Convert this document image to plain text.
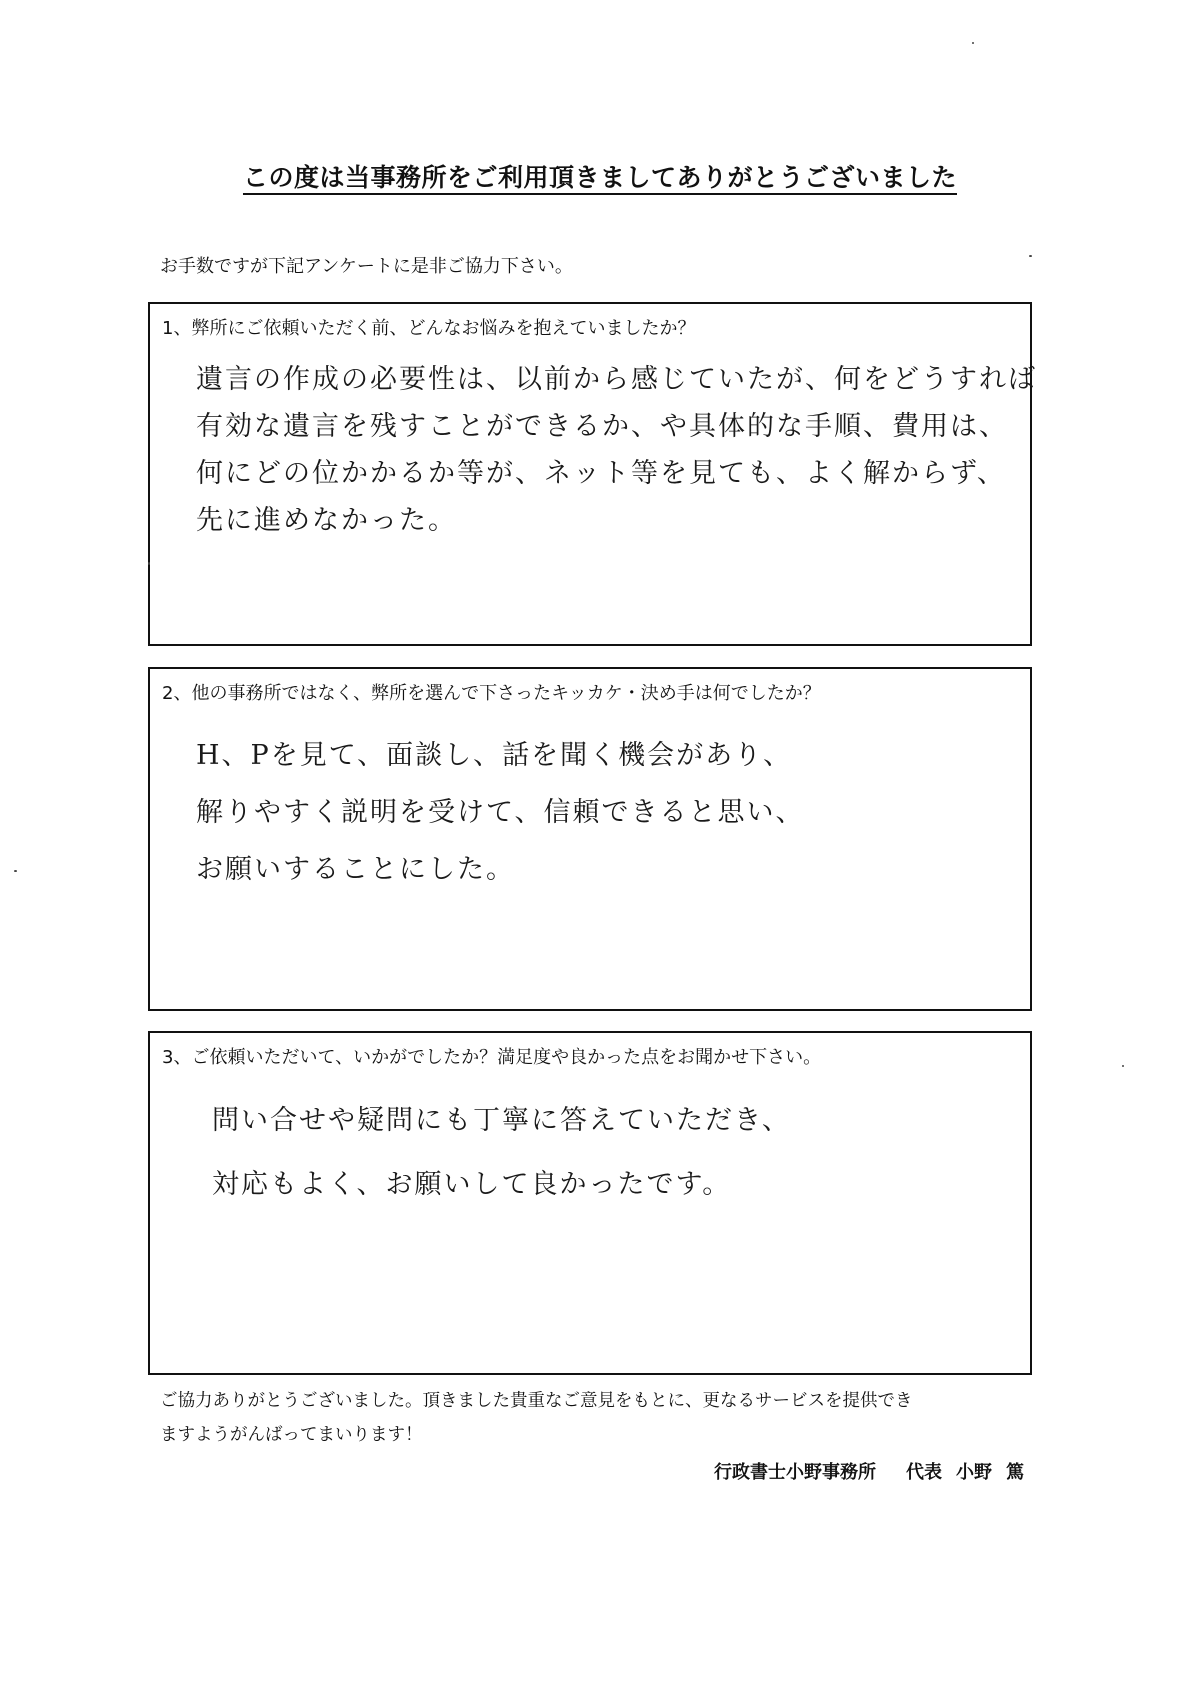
この度は当事務所をご利用頂きましてありがとうございました
お手数ですが下記アンケートに是非ご協力下さい。
1、弊所にご依頼いただく前、どんなお悩みを抱えていましたか？
遺言の作成の必要性は、以前から感じていたが、何をどうすれば
有効な遺言を残すことができるか、や具体的な手順、費用は、
何にどの位かかるか等が、ネット等を見ても、よく解からず、
先に進めなかった。
2、他の事務所ではなく、弊所を選んで下さったキッカケ・決め手は何でしたか？
H、Pを見て、面談し、話を聞く機会があり、
解りやすく説明を受けて、信頼できると思い、
お願いすることにした。
3、ご依頼いただいて、いかがでしたか？満足度や良かった点をお聞かせ下さい。
問い合せや疑問にも丁寧に答えていただき、
対応もよく、お願いして良かったです。
ご協力ありがとうございました。頂きました貴重なご意見をもとに、更なるサービスを提供でき
ますようがんばってまいります！
行政書士小野事務所 代表 小野 篤
